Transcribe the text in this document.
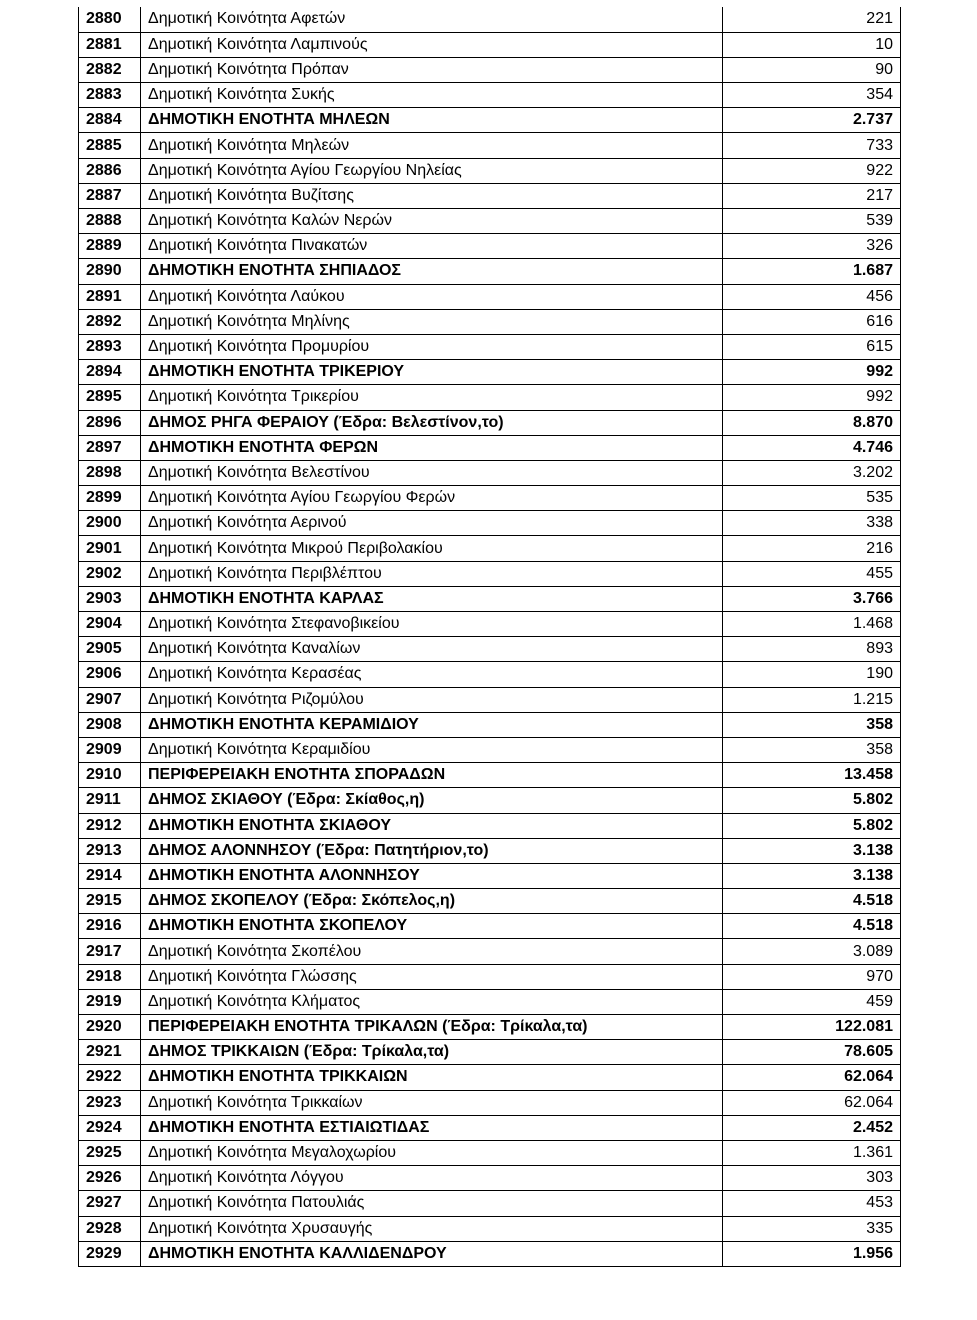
2880	Δημοτική Κοινότητα Αφετών	221
2881	Δημοτική Κοινότητα Λαμπινούς	10
2882	Δημοτική Κοινότητα Πρόπαν	90
2883	Δημοτική Κοινότητα Συκής	354
2884	ΔΗΜΟΤΙΚΗ ΕΝΟΤΗΤΑ ΜΗΛΕΩΝ	2.737
2885	Δημοτική Κοινότητα Μηλεών	733
2886	Δημοτική Κοινότητα Αγίου Γεωργίου Νηλείας	922
2887	Δημοτική Κοινότητα Βυζίτσης	217
2888	Δημοτική Κοινότητα Καλών Νερών	539
2889	Δημοτική Κοινότητα Πινακατών	326
2890	ΔΗΜΟΤΙΚΗ ΕΝΟΤΗΤΑ ΣΗΠΙΑΔΟΣ	1.687
2891	Δημοτική Κοινότητα Λαύκου	456
2892	Δημοτική Κοινότητα Μηλίνης	616
2893	Δημοτική Κοινότητα Προμυρίου	615
2894	ΔΗΜΟΤΙΚΗ ΕΝΟΤΗΤΑ ΤΡΙΚΕΡΙΟΥ	992
2895	Δημοτική Κοινότητα Τρικερίου	992
2896	ΔΗΜΟΣ ΡΗΓΑ ΦΕΡΑΙΟΥ (Έδρα: Βελεστίνον,το)	8.870
2897	ΔΗΜΟΤΙΚΗ ΕΝΟΤΗΤΑ ΦΕΡΩΝ	4.746
2898	Δημοτική Κοινότητα Βελεστίνου	3.202
2899	Δημοτική Κοινότητα Αγίου Γεωργίου Φερών	535
2900	Δημοτική Κοινότητα Αερινού	338
2901	Δημοτική Κοινότητα Μικρού Περιβολακίου	216
2902	Δημοτική Κοινότητα Περιβλέπτου	455
2903	ΔΗΜΟΤΙΚΗ ΕΝΟΤΗΤΑ ΚΑΡΛΑΣ	3.766
2904	Δημοτική Κοινότητα Στεφανοβικείου	1.468
2905	Δημοτική Κοινότητα Καναλίων	893
2906	Δημοτική Κοινότητα Κερασέας	190
2907	Δημοτική Κοινότητα Ριζομύλου	1.215
2908	ΔΗΜΟΤΙΚΗ ΕΝΟΤΗΤΑ ΚΕΡΑΜΙΔΙΟΥ	358
2909	Δημοτική Κοινότητα Κεραμιδίου	358
2910	ΠΕΡΙΦΕΡΕΙΑΚΗ ΕΝΟΤΗΤΑ ΣΠΟΡΑΔΩΝ	13.458
2911	ΔΗΜΟΣ ΣΚΙΑΘΟΥ (Έδρα: Σκίαθος,η)	5.802
2912	ΔΗΜΟΤΙΚΗ ΕΝΟΤΗΤΑ ΣΚΙΑΘΟΥ	5.802
2913	ΔΗΜΟΣ ΑΛΟΝΝΗΣΟΥ (Έδρα: Πατητήριον,το)	3.138
2914	ΔΗΜΟΤΙΚΗ ΕΝΟΤΗΤΑ ΑΛΟΝΝΗΣΟΥ	3.138
2915	ΔΗΜΟΣ ΣΚΟΠΕΛΟΥ (Έδρα: Σκόπελος,η)	4.518
2916	ΔΗΜΟΤΙΚΗ ΕΝΟΤΗΤΑ ΣΚΟΠΕΛΟΥ	4.518
2917	Δημοτική Κοινότητα Σκοπέλου	3.089
2918	Δημοτική Κοινότητα Γλώσσης	970
2919	Δημοτική Κοινότητα Κλήματος	459
2920	ΠΕΡΙΦΕΡΕΙΑΚΗ ΕΝΟΤΗΤΑ ΤΡΙΚΑΛΩΝ (Έδρα: Τρίκαλα,τα)	122.081
2921	ΔΗΜΟΣ ΤΡΙΚΚΑΙΩΝ (Έδρα: Τρίκαλα,τα)	78.605
2922	ΔΗΜΟΤΙΚΗ ΕΝΟΤΗΤΑ ΤΡΙΚΚΑΙΩΝ	62.064
2923	Δημοτική Κοινότητα Τρικκαίων	62.064
2924	ΔΗΜΟΤΙΚΗ ΕΝΟΤΗΤΑ ΕΣΤΙΑΙΩΤΙΔΑΣ	2.452
2925	Δημοτική Κοινότητα Μεγαλοχωρίου	1.361
2926	Δημοτική Κοινότητα Λόγγου	303
2927	Δημοτική Κοινότητα Πατουλιάς	453
2928	Δημοτική Κοινότητα Χρυσαυγής	335
2929	ΔΗΜΟΤΙΚΗ ΕΝΟΤΗΤΑ ΚΑΛΛΙΔΕΝΔΡΟΥ	1.956
